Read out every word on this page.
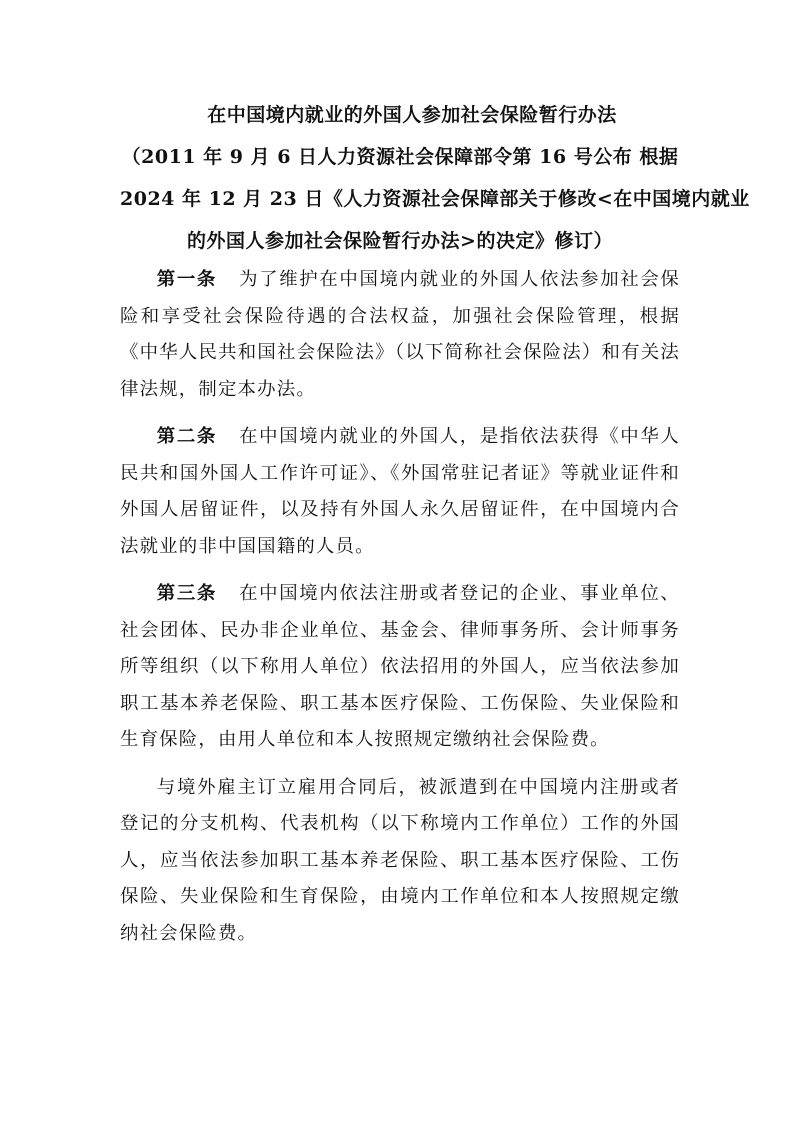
在中国境内就业的外国人参加社会保险暂行办法
（2011 年 9 月 6 日人力资源社会保障部令第 16 号公布 根据
2024 年 12 月 23 日《人力资源社会保障部关于修改<在中国境内就业
的外国人参加社会保险暂行办法>的决定》修订）

第一条 为了维护在中国境内就业的外国人依法参加社会保险和享受社会保险待遇的合法权益，加强社会保险管理，根据《中华人民共和国社会保险法》（以下简称社会保险法）和有关法律法规，制定本办法。

第二条 在中国境内就业的外国人，是指依法获得《中华人民共和国外国人工作许可证》、《外国常驻记者证》等就业证件和外国人居留证件，以及持有外国人永久居留证件，在中国境内合法就业的非中国国籍的人员。

第三条 在中国境内依法注册或者登记的企业、事业单位、社会团体、民办非企业单位、基金会、律师事务所、会计师事务所等组织（以下称用人单位）依法招用的外国人，应当依法参加职工基本养老保险、职工基本医疗保险、工伤保险、失业保险和生育保险，由用人单位和本人按照规定缴纳社会保险费。

与境外雇主订立雇用合同后，被派遣到在中国境内注册或者登记的分支机构、代表机构（以下称境内工作单位）工作的外国人，应当依法参加职工基本养老保险、职工基本医疗保险、工伤保险、失业保险和生育保险，由境内工作单位和本人按照规定缴纳社会保险费。
